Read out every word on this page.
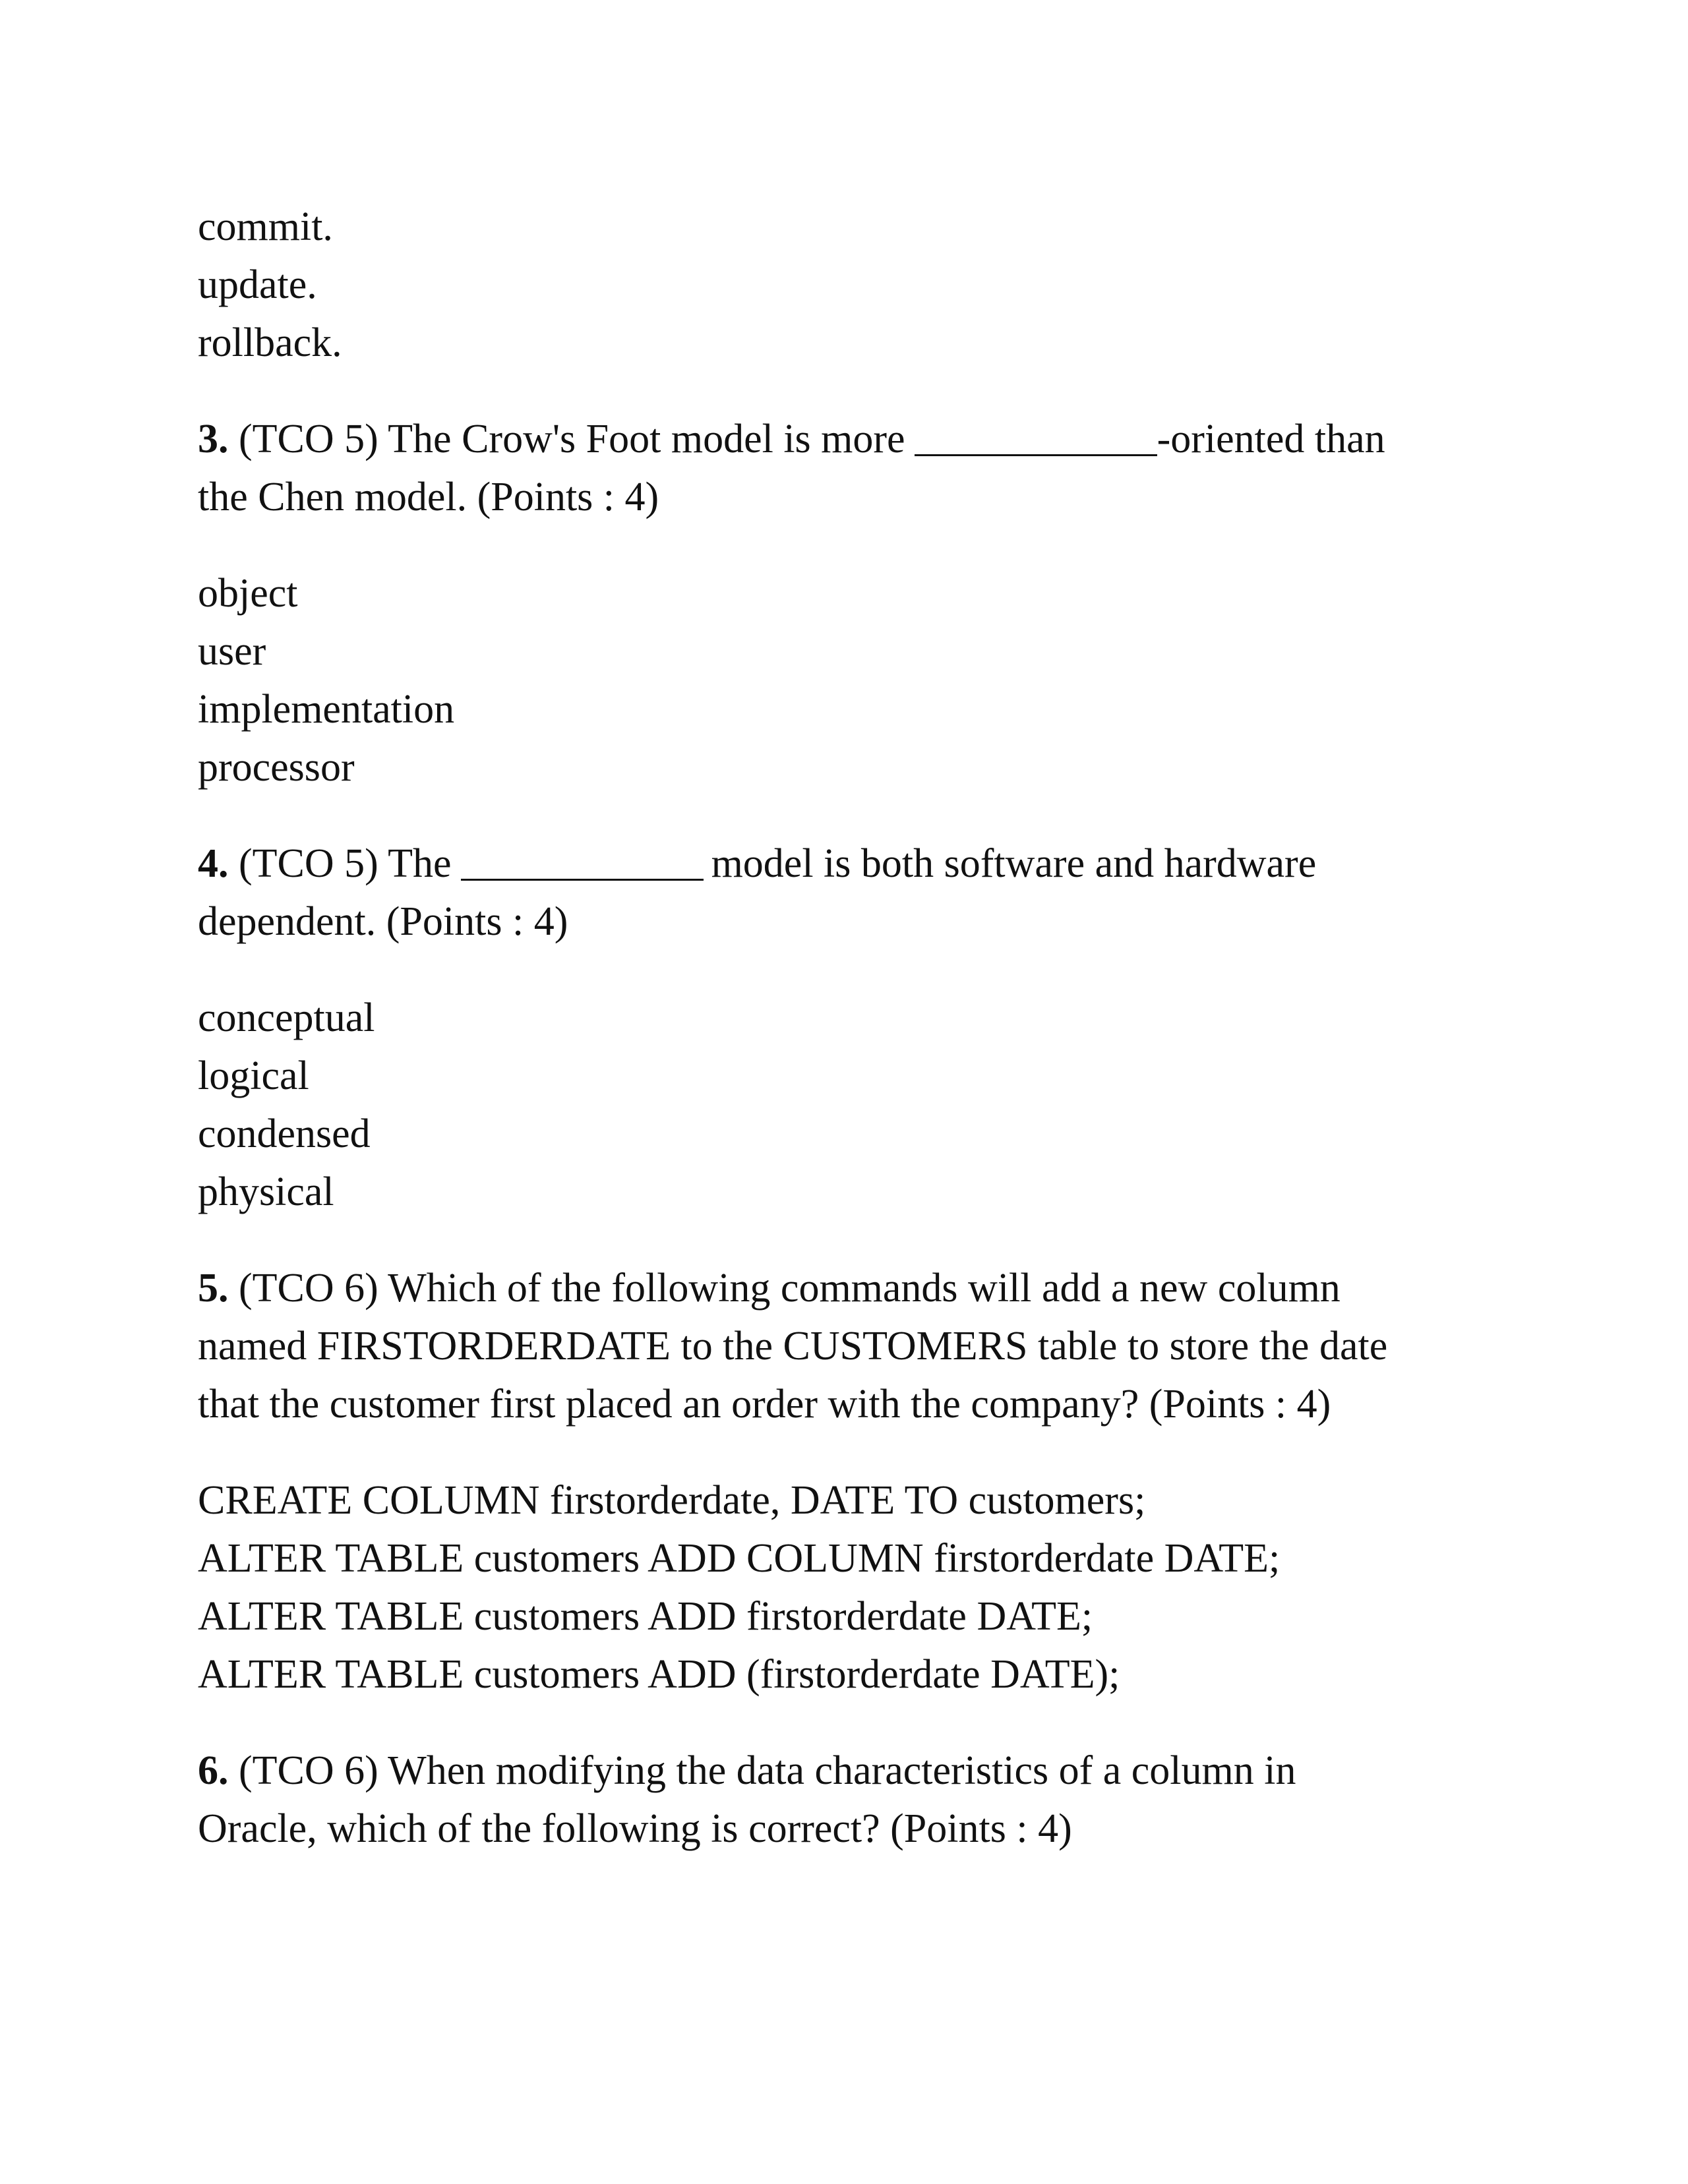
commit.
update.
rollback.
3. (TCO 5) The Crow's Foot model is more	-oriented than
the Chen model. (Points : 4)
object
user
implementation
processor
4. (TCO 5) The	model is both software and hardware
dependent. (Points : 4)
conceptual
logical
condensed
physical
5. (TCO 6) Which of the following commands will add a new column
named FIRSTORDERDATE to the CUSTOMERS table to store the date
that the customer first placed an order with the company? (Points : 4)
CREATE COLUMN firstorderdate, DATE TO customers;
ALTER TABLE customers ADD COLUMN firstorderdate DATE;
ALTER TABLE customers ADD firstorderdate DATE;
ALTER TABLE customers ADD (firstorderdate DATE);
6. (TCO 6) When modifying the data characteristics of a column in
Oracle, which of the following is correct? (Points : 4)
